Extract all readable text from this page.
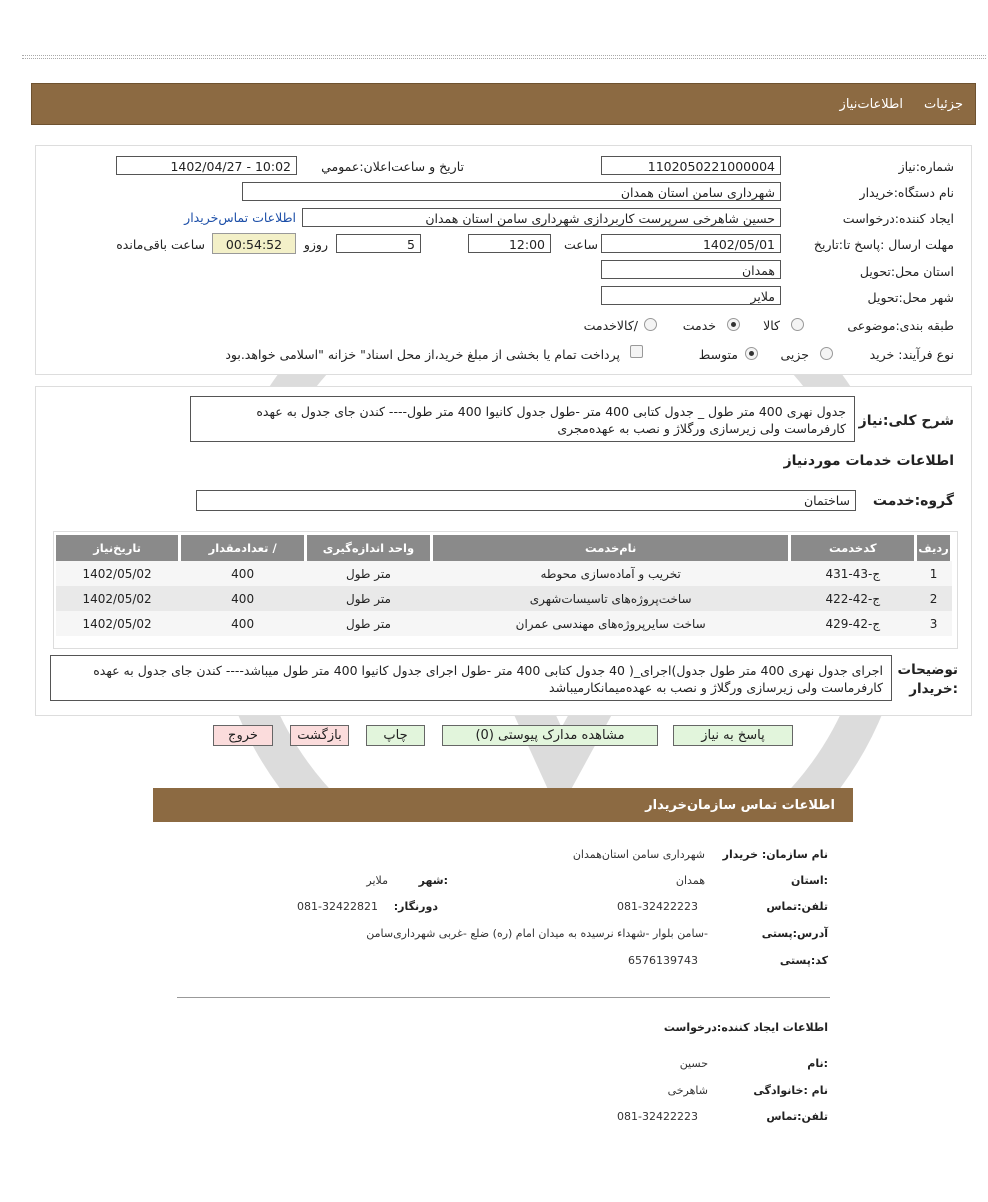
جزئیات
اطلاعات‌نیاز
شماره:نیاز
1102050221000004
تاریخ و ساعت‌اعلان:عمومي
1402/04/27 - 10:02
نام دستگاه:خریدار
شهرداری سامن استان همدان
ایجاد کننده:درخواست
حسین شاهرخی سرپرست کاربردازی شهرداری سامن استان همدان
اطلاعات تماس‌خریدار
مهلت ارسال :پاسخ تا:تاریخ
1402/05/01
ساعت
12:00
5
روزو
00:54:52
ساعت باقی‌مانده
استان محل:تحویل
همدان
شهر محل:تحویل
ملایر
طبقه بندی:موضوعی
کالا
خدمت
/کالاخدمت
نوع فرآیند: خرید
جزیی
متوسط
پرداخت تمام یا بخشی از مبلغ خرید،از محل اسناد" خزانه "اسلامی خواهد.بود
شرح کلی:نیاز
جدول نهری 400 متر طول _ جدول کتابی 400 متر -طول جدول کانیوا 400 متر طول---- کندن جای جدول به عهده کارفرماست ولی زیرسازی ورگلاژ و نصب به عهده‌مجری
اطلاعات خدمات موردنیاز
گروه:خدمت
ساختمان
ردیف	کدخدمت	نام‌خدمت	واحد اندازه‌گیری	/ تعدادمقدار	تاریخ‌نیاز
1	ج-43-431	تخریب و آماده‌سازی محوطه	متر طول	400	1402/05/02
2	ج-42-422	ساخت‌پروژه‌های تاسیسات‌شهری	متر طول	400	1402/05/02
3	ج-42-429	ساخت سایرپروژه‌های مهندسی عمران	متر طول	400	1402/05/02
توضیحات
:خریدار
اجرای جدول نهری 400 متر طول جدول)اجرای_( 40 جدول کتابی 400 متر -طول اجرای جدول کانیوا 400 متر طول میباشد---- کندن جای جدول به عهده کارفرماست ولی زیرسازی ورگلاژ و نصب به عهده‌میمانکارمیباشد
پاسخ به نیاز
مشاهده مدارک پیوستی (0)
چاپ
بازگشت
خروج
اطلاعات تماس سازمان‌خریدار
نام سازمان: خریدار
شهرداری سامن استان‌همدان
:استان
همدان
:شهر
ملایر
تلفن:تماس
081-32422223
دورنگار:
081-32422821
آدرس:پستی
-سامن بلوار -شهداء نرسیده به میدان امام (ره) ضلع -غربی شهرداری‌سامن
کد:پستی
6576139743
اطلاعات ایجاد کننده:درخواست
:نام
حسین
نام :خانوادگی
شاهرخی
تلفن:تماس
081-32422223
